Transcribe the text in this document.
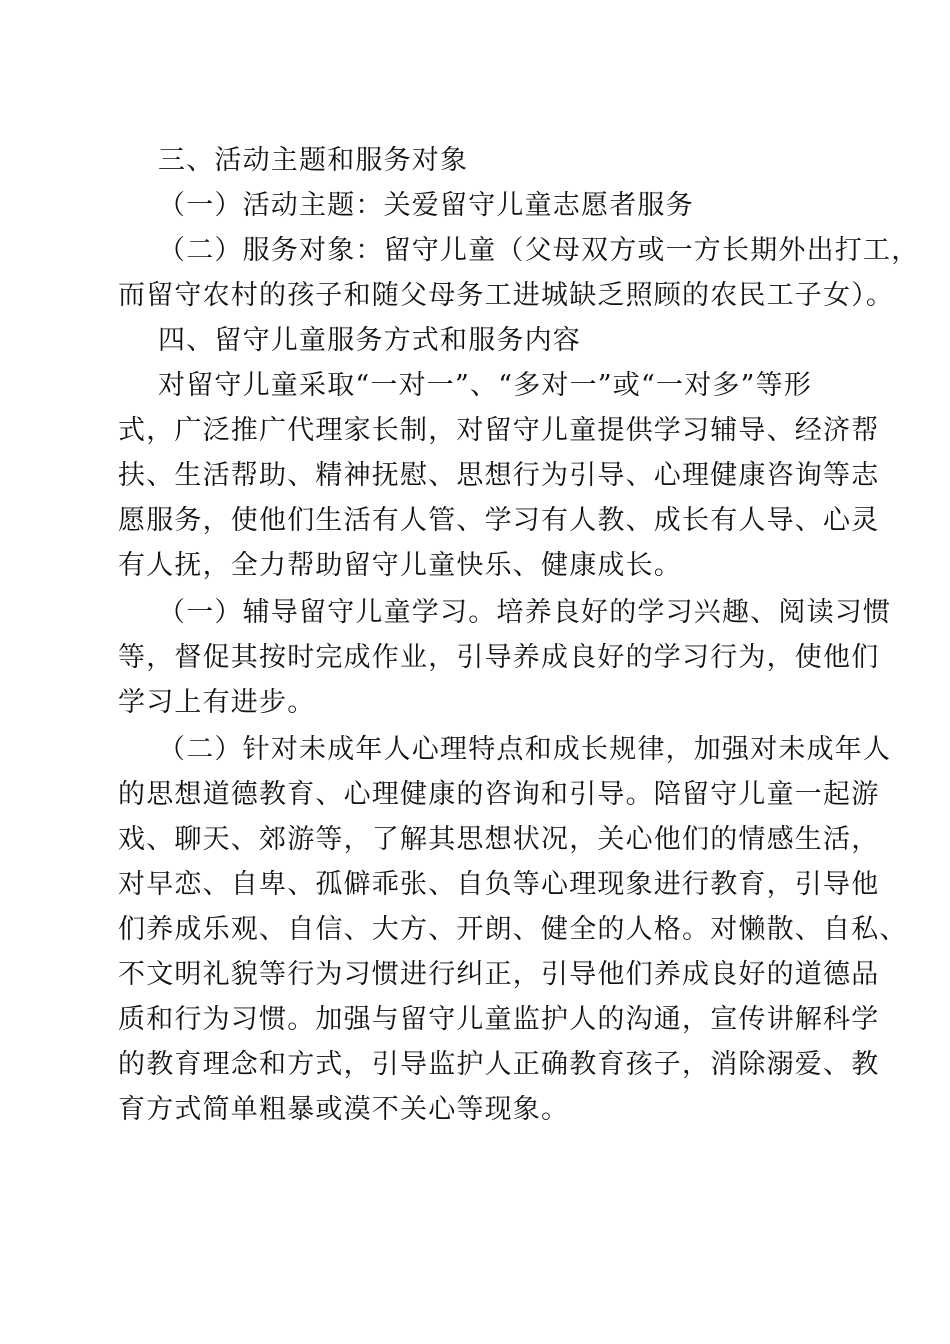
三、活动主题和服务对象

（一）活动主题：关爱留守儿童志愿者服务

（二）服务对象：留守儿童（父母双方或一方长期外出打工，

而留守农村的孩子和随父母务工进城缺乏照顾的农民工子女）。

四、留守儿童服务方式和服务内容

对留守儿童采取“一对一”、“多对一”或“一对多”等形

式，广泛推广代理家长制，对留守儿童提供学习辅导、经济帮

扶、生活帮助、精神抚慰、思想行为引导、心理健康咨询等志

愿服务，使他们生活有人管、学习有人教、成长有人导、心灵

有人抚，全力帮助留守儿童快乐、健康成长。

（一）辅导留守儿童学习。培养良好的学习兴趣、阅读习惯

等，督促其按时完成作业，引导养成良好的学习行为，使他们

学习上有进步。

（二）针对未成年人心理特点和成长规律，加强对未成年人

的思想道德教育、心理健康的咨询和引导。陪留守儿童一起游

戏、聊天、郊游等，了解其思想状况，关心他们的情感生活，

对早恋、自卑、孤僻乖张、自负等心理现象进行教育，引导他

们养成乐观、自信、大方、开朗、健全的人格。对懒散、自私、

不文明礼貌等行为习惯进行纠正，引导他们养成良好的道德品

质和行为习惯。加强与留守儿童监护人的沟通，宣传讲解科学

的教育理念和方式，引导监护人正确教育孩子，消除溺爱、教

育方式简单粗暴或漠不关心等现象。
